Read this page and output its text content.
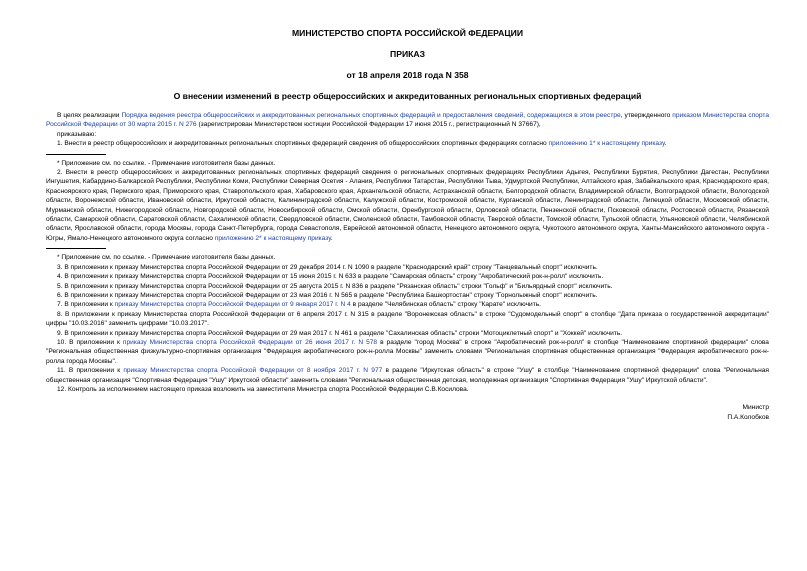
МИНИСТЕРСТВО СПОРТА РОССИЙСКОЙ ФЕДЕРАЦИИ
ПРИКАЗ
от 18 апреля 2018 года N 358
О внесении изменений в реестр общероссийских и аккредитованных региональных спортивных федераций

В целях реализации Порядка ведения реестра общероссийских и аккредитованных региональных спортивных федераций и предоставления сведений, содержащихся в этом реестре, утвержденного приказом Министерства спорта Российской Федерации от 30 марта 2015 г. N 276 (зарегистрирован Министерством юстиции Российской Федерации 17 июня 2015 г., регистрационный N 37667),

приказываю:

1. Внести в реестр общероссийских и аккредитованных региональных спортивных федераций сведения об общероссийских спортивных федерациях согласно приложению 1* к настоящему приказу.

* Приложение см. по ссылке. - Примечание изготовителя базы данных.

2. Внести в реестр общероссийских и аккредитованных региональных спортивных федераций сведения о региональных спортивных федерациях Республики Адыгея, Республики Бурятия, Республики Дагестан, Республики Ингушетия, Кабардино-Балкарской Республики, Республики Коми, Республики Северная Осетия - Алания, Республики Татарстан, Республики Тыва, Удмуртской Республики, Алтайского края, Забайкальского края, Краснодарского края, Красноярского края, Пермского края, Приморского края, Ставропольского края, Хабаровского края, Архангельской области, Астраханской области, Белгородской области, Владимирской области, Волгоградской области, Вологодской области, Воронежской области, Ивановской области, Иркутской области, Калининградской области, Калужской области, Костромской области, Курганской области, Ленинградской области, Липецкой области, Московской области, Мурманской области, Нижегородской области, Новгородской области, Новосибирской области, Омской области, Оренбургской области, Орловской области, Пензенской области, Псковской области, Ростовской области, Рязанской области, Самарской области, Саратовской области, Сахалинской области, Свердловской области, Смоленской области, Тамбовской области, Тверской области, Томской области, Тульской области, Ульяновской области, Челябинской области, Ярославской области, города Москвы, города Санкт-Петербурга, города Севастополя, Еврейской автономной области, Ненецкого автономного округа, Чукотского автономного округа, Ханты-Мансийского автономного округа - Югры, Ямало-Ненецкого автономного округа согласно приложению 2* к настоящему приказу.

* Приложение см. по ссылке. - Примечание изготовителя базы данных.

3. В приложении к приказу Министерства спорта Российской Федерации от 29 декабря 2014 г. N 1090 в разделе "Краснодарский край" строку "Танцевальный спорт" исключить.

4. В приложении к приказу Министерства спорта Российской Федерации от 15 июня 2015 г. N 633 в разделе "Самарская область" строку "Акробатический рок-н-ролл" исключить.

5. В приложении к приказу Министерства спорта Российской Федерации от 25 августа 2015 г. N 836 в разделе "Рязанская область" строки "Гольф" и "Бильярдный спорт" исключить.

6. В приложении к приказу Министерства спорта Российской Федерации от 23 мая 2016 г. N 565 в разделе "Республика Башкортостан" строку "Горнолыжный спорт" исключить.

7. В приложении к приказу Министерства спорта Российской Федерации от 9 января 2017 г. N 4 в разделе "Челябинская область" строку "Карате" исключить.

8. В приложении к приказу Министерства спорта Российской Федерации от 6 апреля 2017 г. N 315 в разделе "Воронежская область" в строке "Судомодельный спорт" в столбце "Дата приказа о государственной аккредитации" цифры "10.03.2016" заменить цифрами "10.03.2017".

9. В приложении к приказу Министерства спорта Российской Федерации от 29 мая 2017 г. N 461 в разделе "Сахалинская область" строки "Мотоциклетный спорт" и "Хоккей" исключить.

10. В приложении к приказу Министерства спорта Российской Федерации от 26 июня 2017 г. N 578 в разделе "город Москва" в строке "Акробатический рок-н-ролл" в столбце "Наименование спортивной федерации" слова "Региональная общественная физкультурно-спортивная организация "Федерация акробатического рок-н-ролла Москвы" заменить словами "Региональная спортивная общественная организация "Федерация акробатического рок-н-ролла города Москвы".

11. В приложении к приказу Министерства спорта Российской Федерации от 8 ноября 2017 г. N 977 в разделе "Иркутская область" в строке "Ушу" в столбце "Наименование спортивной федерации" слова "Региональная общественная организация "Спортивная Федерация "Ушу" Иркутской области" заменить словами "Региональная общественная детская, молодежная организация "Спортивная Федерация "Ушу" Иркутской области".

12. Контроль за исполнением настоящего приказа возложить на заместителя Министра спорта Российской Федерации С.В.Косилова.

Министр
П.А.Колобков
